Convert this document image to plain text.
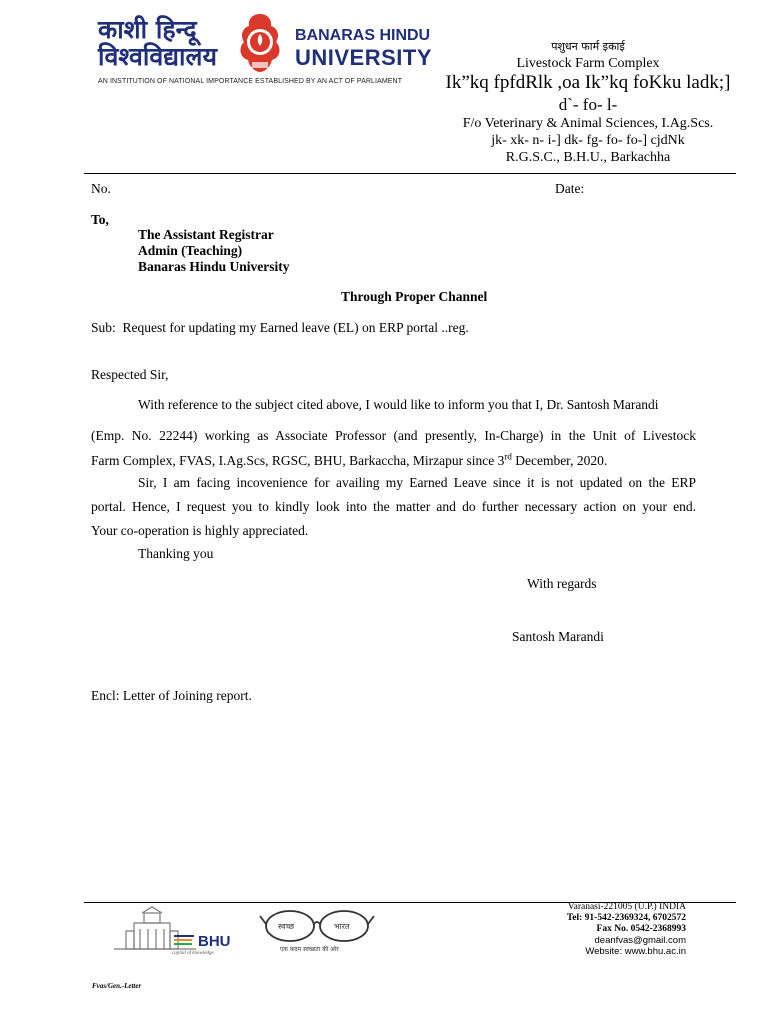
काशी हिन्दू
विश्वविद्यालय
BANARAS HINDU
UNIVERSITY
AN INSTITUTION OF NATIONAL IMPORTANCE ESTABLISHED BY AN ACT OF PARLIAMENT
पशुधन फार्म इकाई
Livestock Farm Complex
Ik”kq fpfdRlk ,oa Ik”kq foKku ladk;]
d`- fo- l-
F/o Veterinary & Animal Sciences, I.Ag.Scs.
jk- xk- n- i-] dk- fg- fo- fo-] cjdNk
R.G.S.C., B.H.U., Barkachha
No.	Date:
To,
The Assistant Registrar
Admin (Teaching)
Banaras Hindu University
Through Proper Channel
Sub:  Request for updating my Earned leave (EL) on ERP portal ..reg.
Respected Sir,
With reference to the subject cited above, I would like to inform you that I, Dr. Santosh Marandi
(Emp. No. 22244) working as Associate Professor (and presently, In-Charge) in the Unit of Livestock
Farm Complex, FVAS, I.Ag.Scs, RGSC, BHU, Barkaccha, Mirzapur since 3rd December, 2020.
Sir, I am facing incovenience for availing my Earned Leave since it is not updated on the ERP
portal. Hence, I request you to kindly look into the matter and do further necessary action on your end.
Your co-operation is highly appreciated.
Thanking you
With regards
Santosh Marandi
Encl: Letter of Joining report.
BHU
capital of knowledge
स्वच्छ	भारत
एक कदम स्वच्छता की ओर
Varanasi-221005 (U.P.) INDIA
Tel: 91-542-2369324, 6702572
Fax No. 0542-2368993
deanfvas@gmail.com
Website: www.bhu.ac.in
Fvas/Gen.-Letter
